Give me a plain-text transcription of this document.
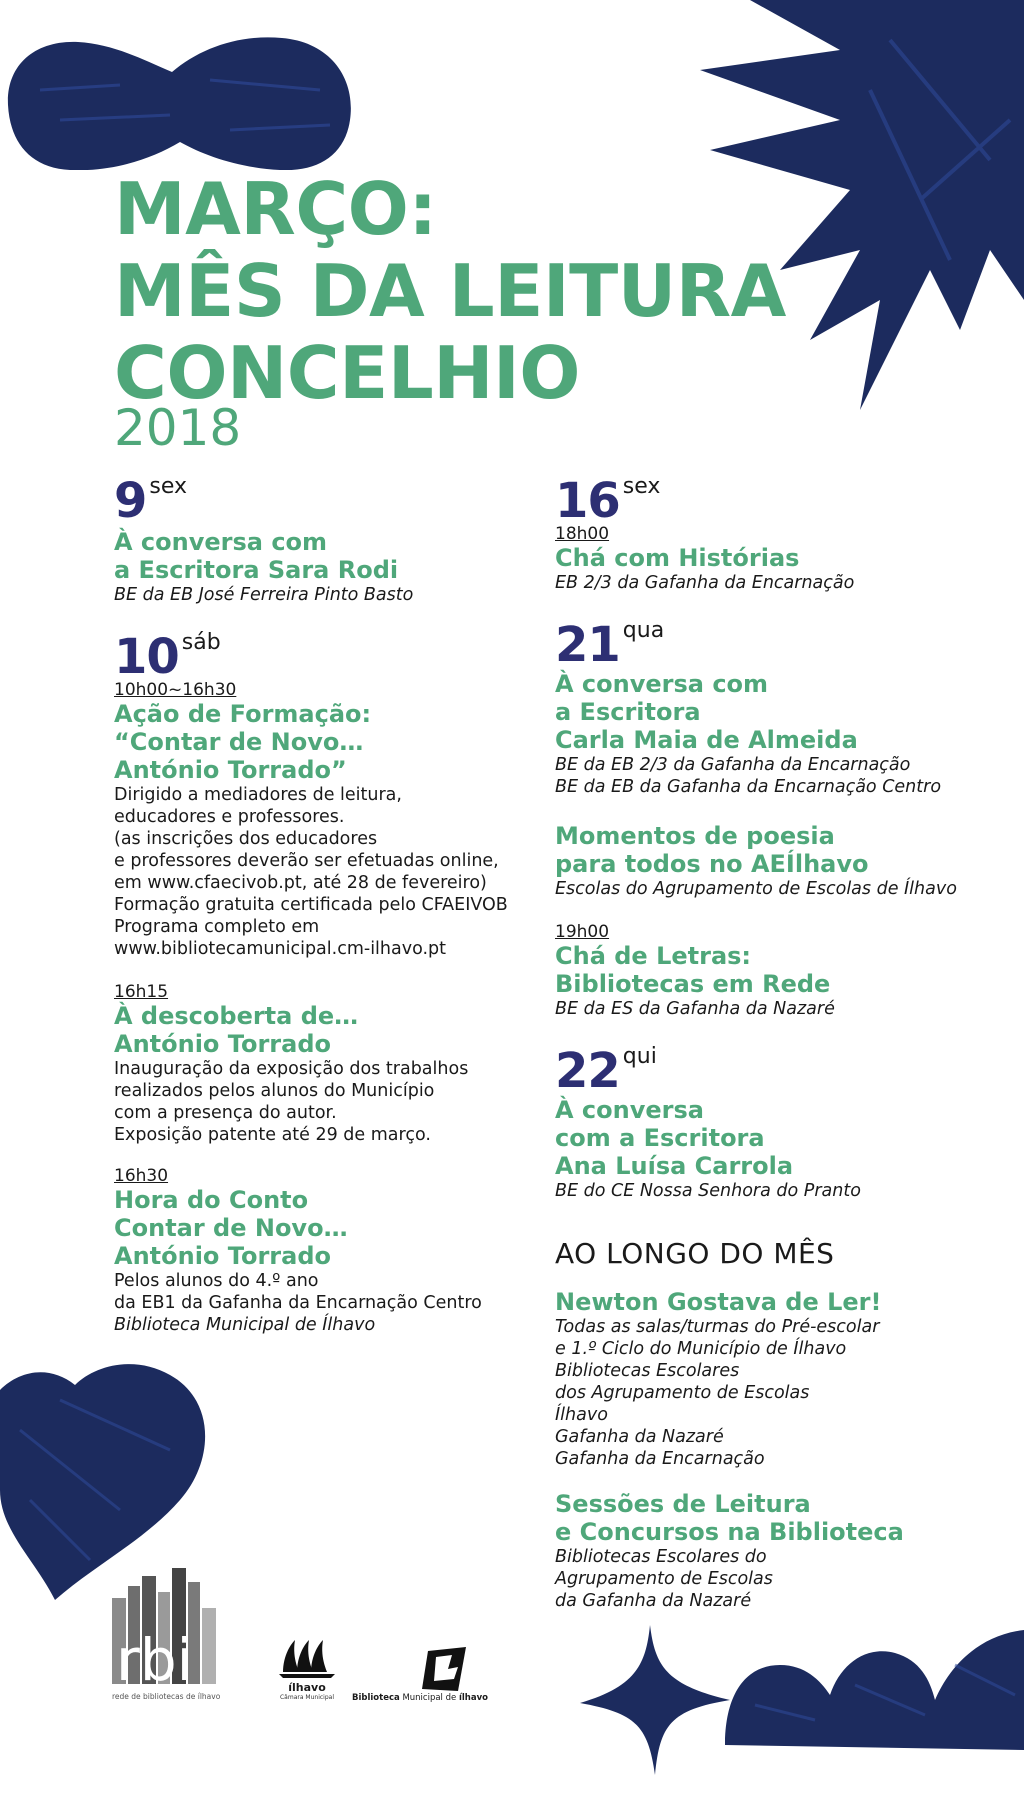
MARÇO:
MÊS DA LEITURA
CONCELHIO
2018
9 sex
À conversa com
a Escritora Sara Rodi
BE da EB José Ferreira Pinto Basto
10 sáb
10h00~16h30
Ação de Formação:
“Contar de Novo…
António Torrado”
Dirigido a mediadores de leitura,
educadores e professores.
(as inscrições dos educadores
e professores deverão ser efetuadas online,
em www.cfaecivob.pt, até 28 de fevereiro)
Formação gratuita certificada pelo CFAEIVOB
Programa completo em
www.bibliotecamunicipal.cm-ilhavo.pt
16h15
À descoberta de…
António Torrado
Inauguração da exposição dos trabalhos
realizados pelos alunos do Município
com a presença do autor.
Exposição patente até 29 de março.
16h30
Hora do Conto
Contar de Novo…
António Torrado
Pelos alunos do 4.º ano
da EB1 da Gafanha da Encarnação Centro
Biblioteca Municipal de Ílhavo
16 sex
18h00
Chá com Histórias
EB 2/3 da Gafanha da Encarnação
21 qua
À conversa com
a Escritora
Carla Maia de Almeida
BE da EB 2/3 da Gafanha da Encarnação
BE da EB da Gafanha da Encarnação Centro
Momentos de poesia
para todos no AEÍlhavo
Escolas do Agrupamento de Escolas de Ílhavo
19h00
Chá de Letras:
Bibliotecas em Rede
BE da ES da Gafanha da Nazaré
22 qui
À conversa
com a Escritora
Ana Luísa Carrola
BE do CE Nossa Senhora do Pranto
AO LONGO DO MÊS
Newton Gostava de Ler!
Todas as salas/turmas do Pré-escolar
e 1.º Ciclo do Município de Ílhavo
Bibliotecas Escolares
dos Agrupamento de Escolas
Ílhavo
Gafanha da Nazaré
Gafanha da Encarnação
Sessões de Leitura
e Concursos na Biblioteca
Bibliotecas Escolares do
Agrupamento de Escolas
da Gafanha da Nazaré
rbi
rede de bibliotecas de ílhavo
ílhavo
Câmara Municipal	Biblioteca Municipal de ílhavo
